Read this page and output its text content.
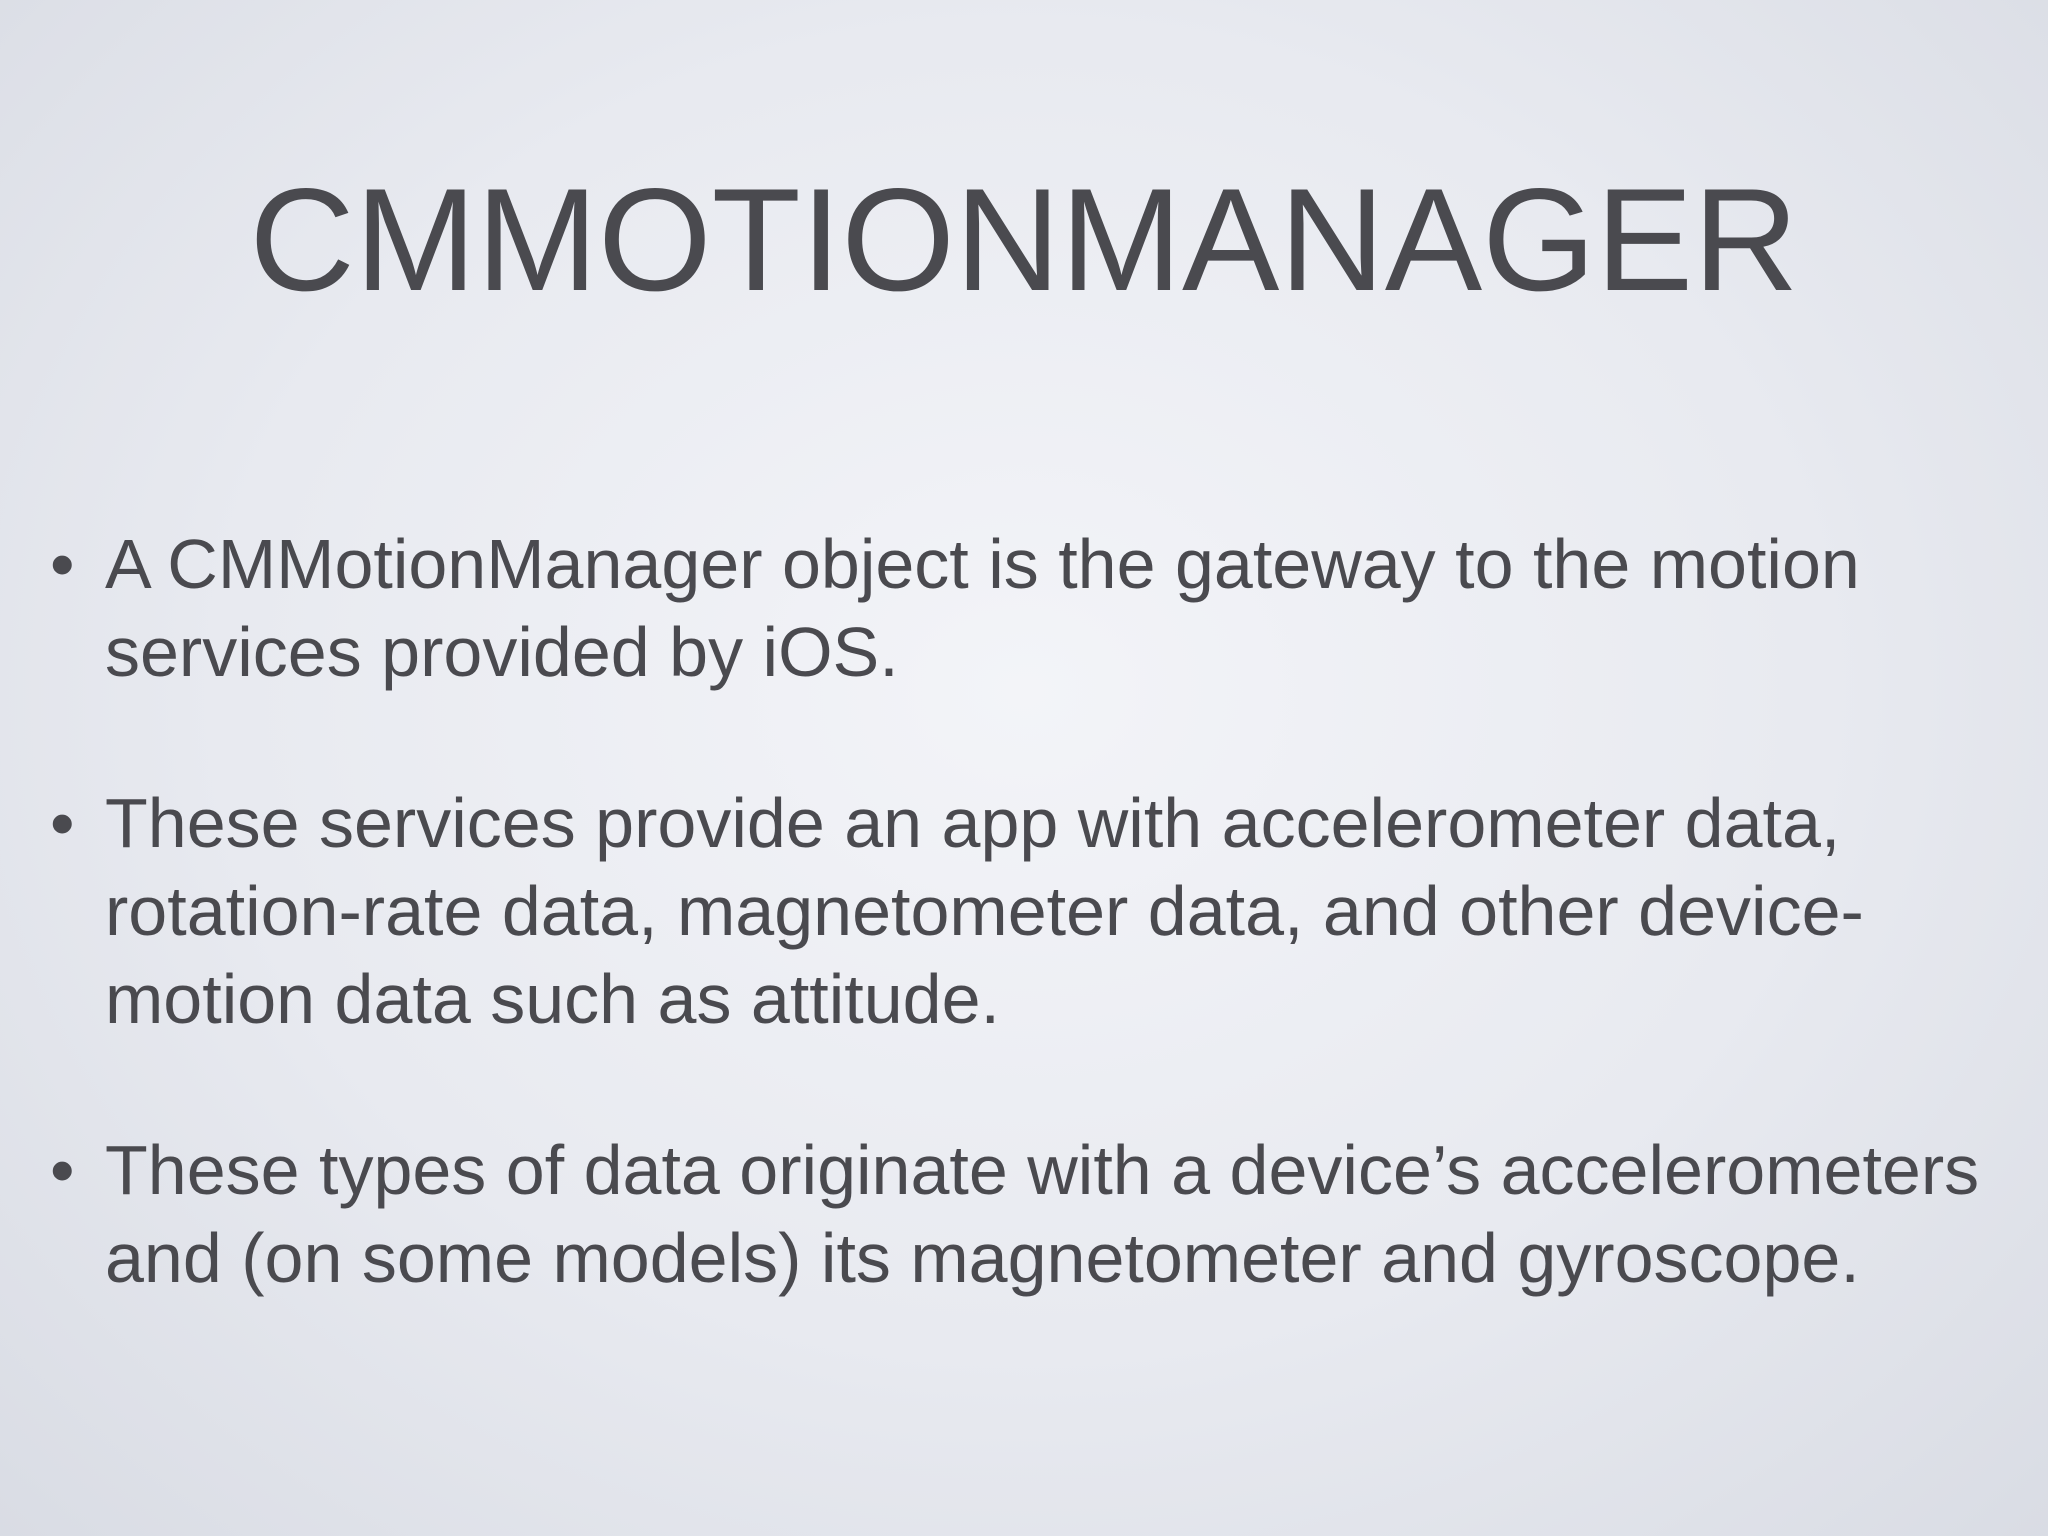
CMMOTIONMANAGER
• A CMMotionManager object is the gateway to the motion services provided by iOS.
• These services provide an app with accelerometer data, rotation-rate data, magnetometer data, and other device-motion data such as attitude.
• These types of data originate with a device’s accelerometers and (on some models) its magnetometer and gyroscope.
